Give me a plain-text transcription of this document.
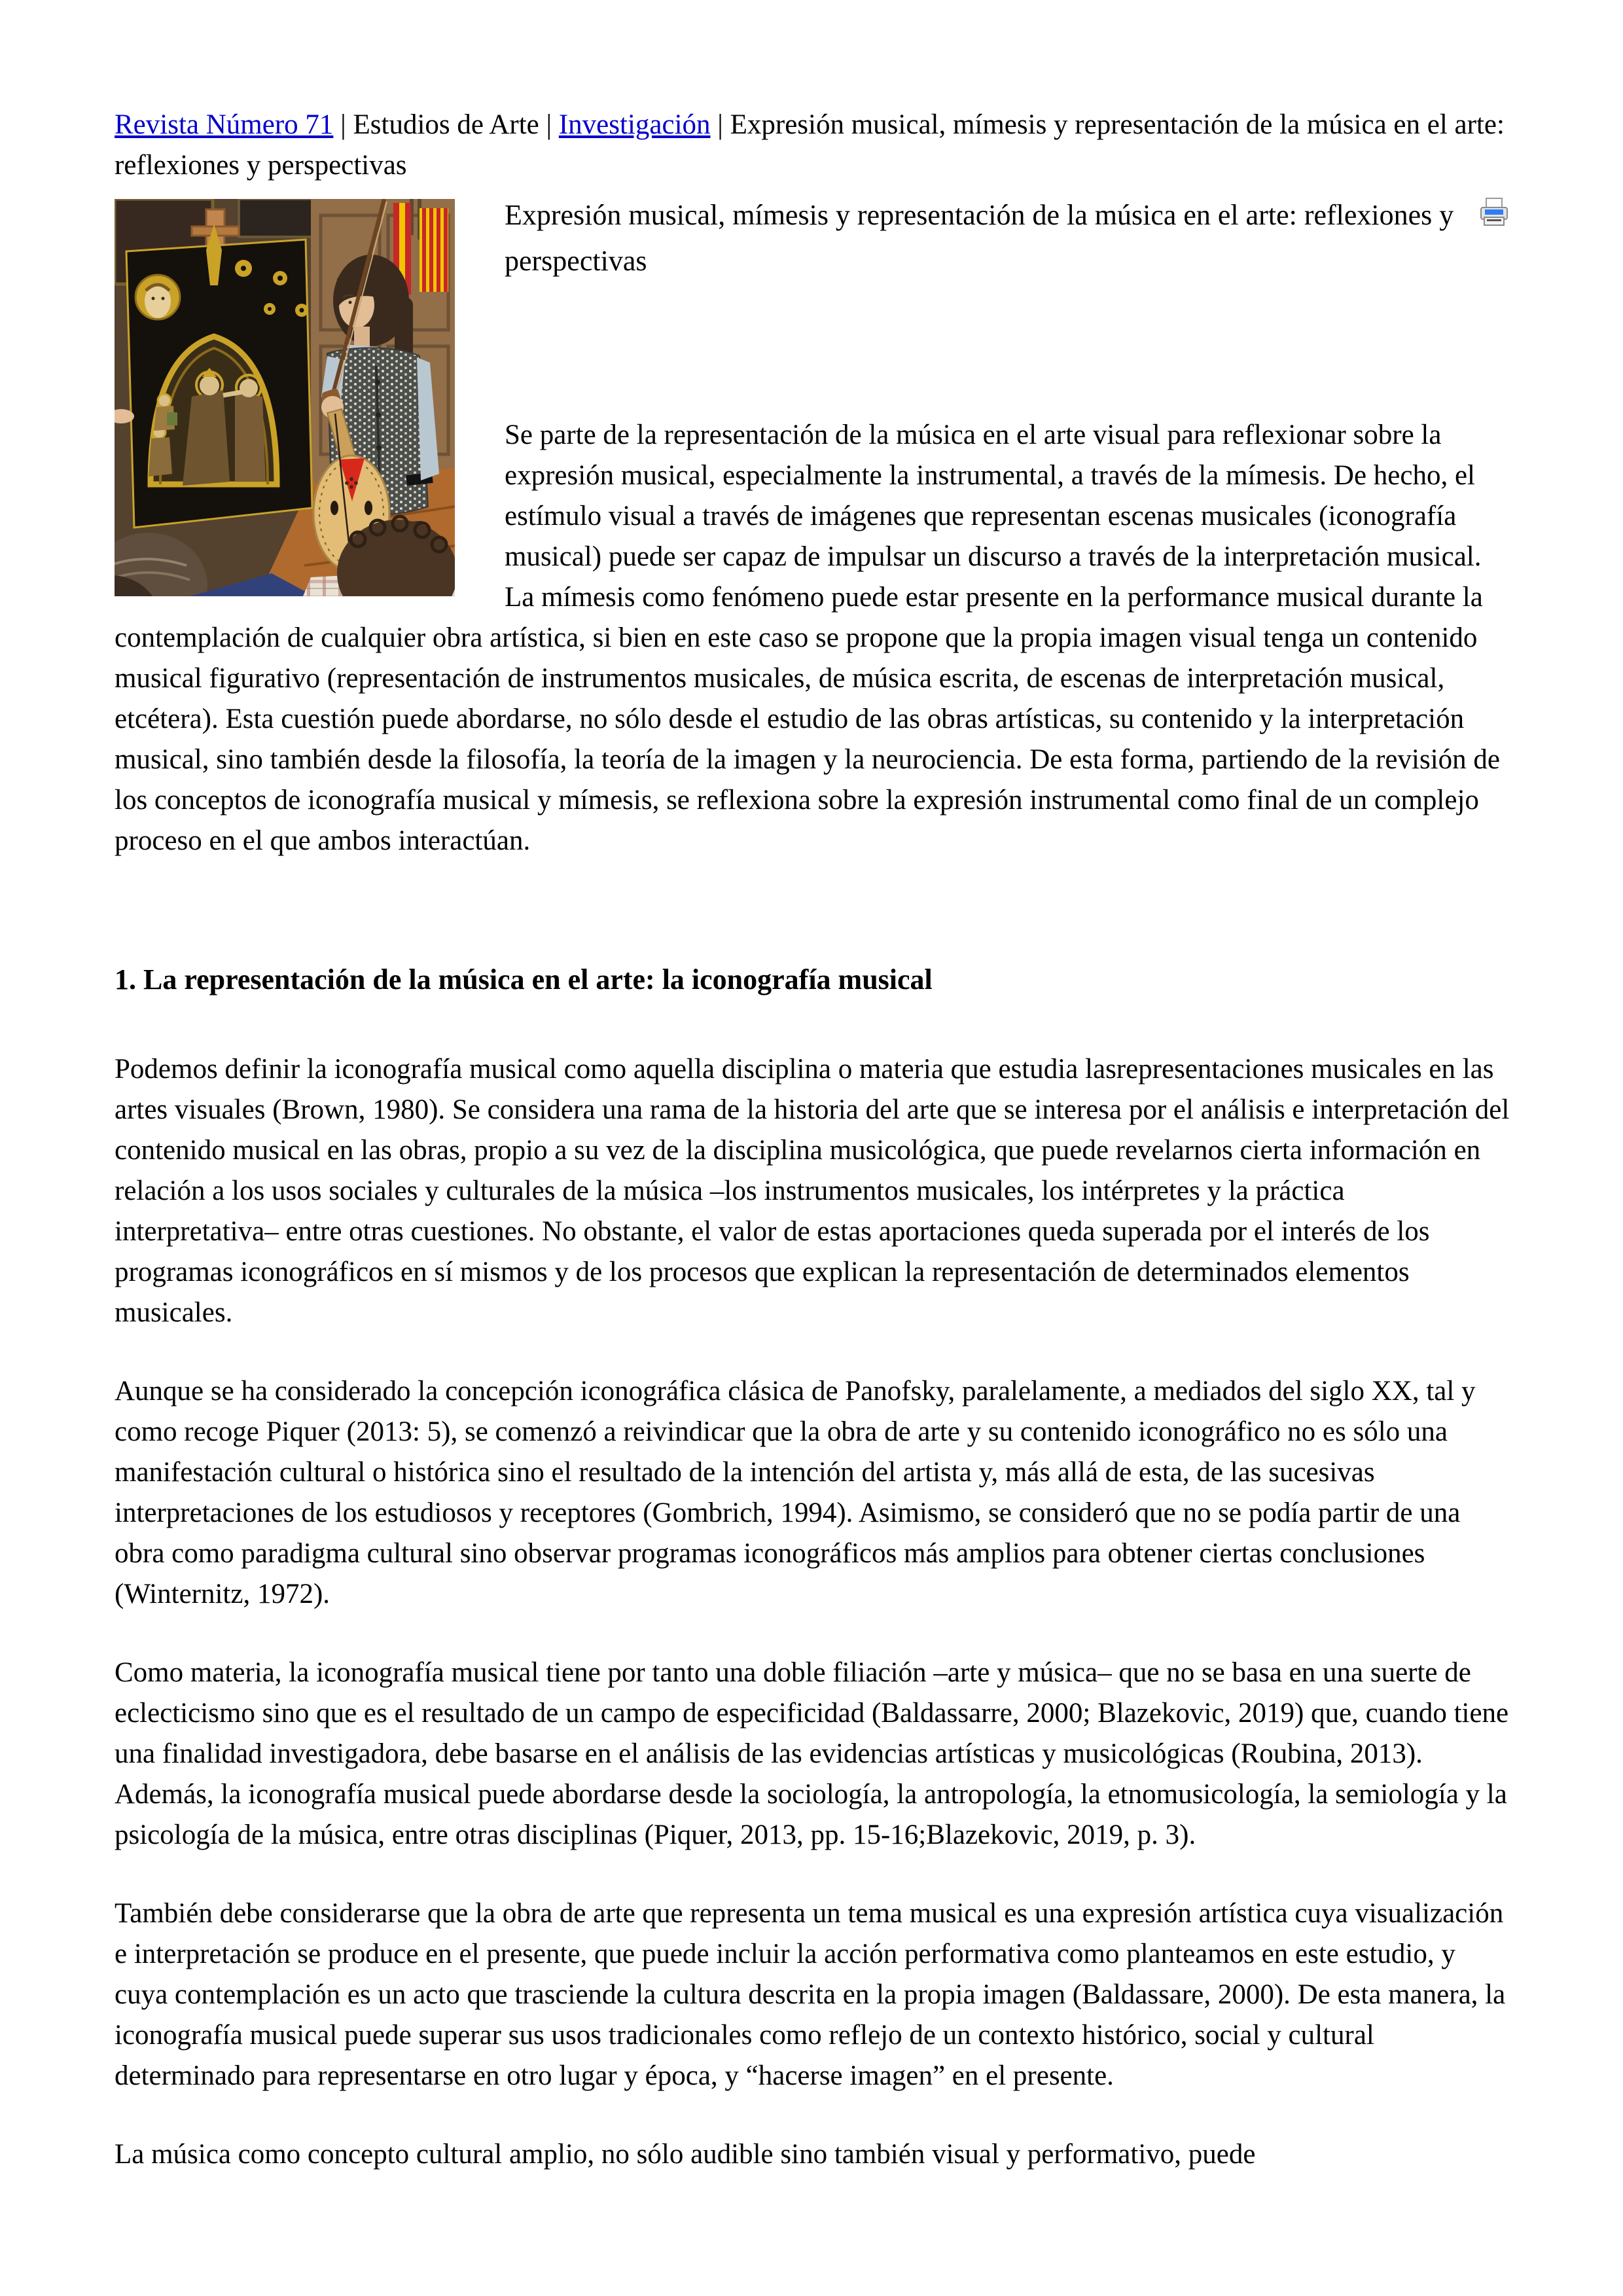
Revista Número 71 | Estudios de Arte | Investigación | Expresión musical, mímesis y representación de la música en el arte: reflexiones y perspectivas

Expresión musical, mímesis y representación de la música en el arte: reflexiones y perspectivas

Se parte de la representación de la música en el arte visual para reflexionar sobre la expresión musical, especialmente la instrumental, a través de la mímesis. De hecho, el estímulo visual a través de imágenes que representan escenas musicales (iconografía musical) puede ser capaz de impulsar un discurso a través de la interpretación musical. La mímesis como fenómeno puede estar presente en la performance musical durante la contemplación de cualquier obra artística, si bien en este caso se propone que la propia imagen visual tenga un contenido musical figurativo (representación de instrumentos musicales, de música escrita, de escenas de interpretación musical, etcétera). Esta cuestión puede abordarse, no sólo desde el estudio de las obras artísticas, su contenido y la interpretación musical, sino también desde la filosofía, la teoría de la imagen y la neurociencia. De esta forma, partiendo de la revisión de los conceptos de iconografía musical y mímesis, se reflexiona sobre la expresión instrumental como final de un complejo proceso en el que ambos interactúan.

1. La representación de la música en el arte: la iconografía musical

Podemos definir la iconografía musical como aquella disciplina o materia que estudia lasrepresentaciones musicales en las artes visuales (Brown, 1980). Se considera una rama de la historia del arte que se interesa por el análisis e interpretación del contenido musical en las obras, propio a su vez de la disciplina musicológica, que puede revelarnos cierta información en relación a los usos sociales y culturales de la música –los instrumentos musicales, los intérpretes y la práctica interpretativa– entre otras cuestiones. No obstante, el valor de estas aportaciones queda superada por el interés de los programas iconográficos en sí mismos y de los procesos que explican la representación de determinados elementos musicales.

Aunque se ha considerado la concepción iconográfica clásica de Panofsky, paralelamente, a mediados del siglo XX, tal y como recoge Piquer (2013: 5), se comenzó a reivindicar que la obra de arte y su contenido iconográfico no es sólo una manifestación cultural o histórica sino el resultado de la intención del artista y, más allá de esta, de las sucesivas interpretaciones de los estudiosos y receptores (Gombrich, 1994). Asimismo, se consideró que no se podía partir de una obra como paradigma cultural sino observar programas iconográficos más amplios para obtener ciertas conclusiones (Winternitz, 1972).

Como materia, la iconografía musical tiene por tanto una doble filiación –arte y música– que no se basa en una suerte de eclecticismo sino que es el resultado de un campo de especificidad (Baldassarre, 2000; Blazekovic, 2019) que, cuando tiene una finalidad investigadora, debe basarse en el análisis de las evidencias artísticas y musicológicas (Roubina, 2013). Además, la iconografía musical puede abordarse desde la sociología, la antropología, la etnomusicología, la semiología y la psicología de la música, entre otras disciplinas (Piquer, 2013, pp. 15-16;Blazekovic, 2019, p. 3).

También debe considerarse que la obra de arte que representa un tema musical es una expresión artística cuya visualización e interpretación se produce en el presente, que puede incluir la acción performativa como planteamos en este estudio, y cuya contemplación es un acto que trasciende la cultura descrita en la propia imagen (Baldassare, 2000). De esta manera, la iconografía musical puede superar sus usos tradicionales como reflejo de un contexto histórico, social y cultural determinado para representarse en otro lugar y época, y “hacerse imagen” en el presente.

La música como concepto cultural amplio, no sólo audible sino también visual y performativo, puede
